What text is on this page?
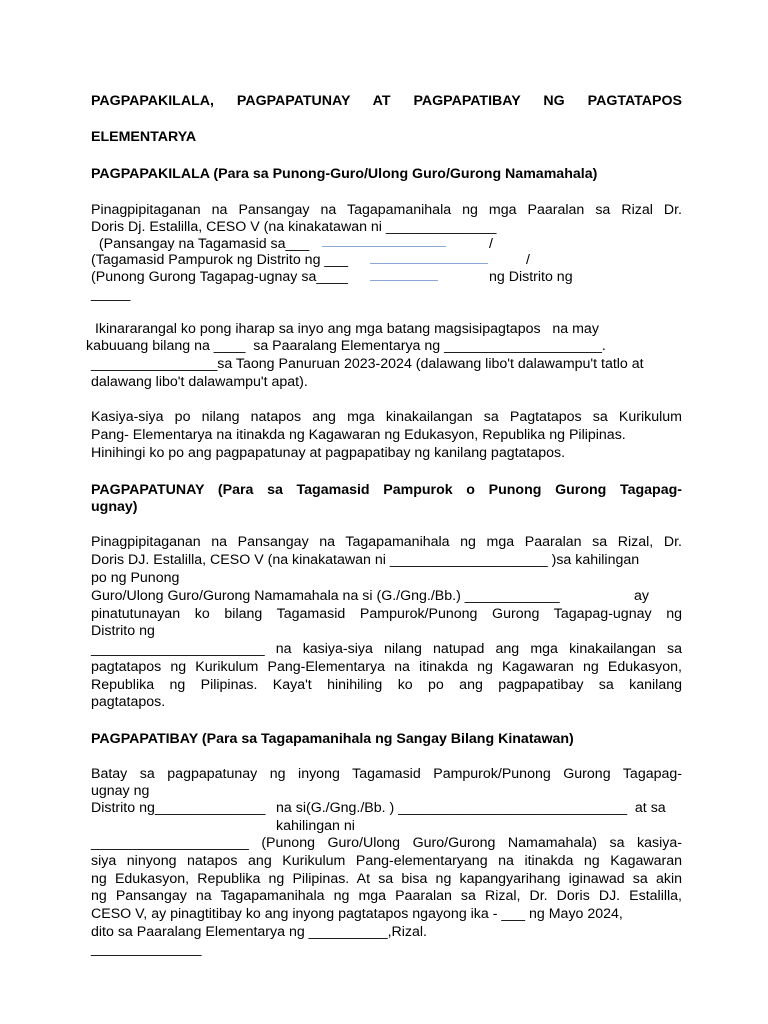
PAGPAPAKILALA, PAGPAPATUNAY AT PAGPAPATIBAY NG PAGTATAPOS
ELEMENTARYA
PAGPAPAKILALA (Para sa Punong-Guro/Ulong Guro/Gurong Namamahala)
Pinagpipitaganan na Pansangay na Tagapamanihala ng mga Paaralan sa Rizal Dr.
Doris Dj. Estalilla, CESO V (na kinakatawan ni ______________
(Pansangay na Tagamasid sa___	/
(Tagamasid Pampurok ng Distrito ng ___	/
(Punong Gurong Tagapag-ugnay sa____	ng Distrito ng
_____
Ikinararangal ko pong iharap sa inyo ang mga batang magsisipagtapos   na may
kabuuang bilang na ____  sa Paaralang Elementarya ng ____________________.
________________sa Taong Panuruan 2023-2024 (dalawang libo't dalawampu't tatlo at
dalawang libo't dalawampu't apat).
Kasiya-siya po nilang natapos ang mga kinakailangan sa Pagtatapos sa Kurikulum
Pang- Elementarya na itinakda ng Kagawaran ng Edukasyon, Republika ng Pilipinas.
Hinihingi ko po ang pagpapatunay at pagpapatibay ng kanilang pagtatapos.
PAGPAPATUNAY (Para sa Tagamasid Pampurok o Punong Gurong Tagapag-
ugnay)
Pinagpipitaganan na Pansangay na Tagapamanihala ng mga Paaralan sa Rizal, Dr.
Doris DJ. Estalilla, CESO V (na kinakatawan ni ____________________ )sa kahilingan
po ng Punong
Guro/Ulong Guro/Gurong Namamahala na si (G./Gng./Bb.) ____________	ay
pinatutunayan ko bilang Tagamasid Pampurok/Punong Gurong Tagapag-ugnay ng
Distrito ng
______________________ na kasiya-siya nilang natupad ang mga kinakailangan sa
pagtatapos ng Kurikulum Pang-Elementarya na itinakda ng Kagawaran ng Edukasyon,
Republika ng Pilipinas. Kaya't hinihiling ko po ang pagpapatibay sa kanilang
pagtatapos.
PAGPAPATIBAY (Para sa Tagapamanihala ng Sangay Bilang Kinatawan)
Batay sa pagpapatunay ng inyong Tagamasid Pampurok/Punong Gurong Tagapag-
ugnay ng
Distrito ng______________ na si(G./Gng./Bb. ) _____________________________  at sa
kahilingan ni
____________________ (Punong Guro/Ulong Guro/Gurong Namamahala) sa kasiya-
siya ninyong natapos ang Kurikulum Pang-elementaryang na itinakda ng Kagawaran
ng Edukasyon, Republika ng Pilipinas. At sa bisa ng kapangyarihang iginawad sa akin
ng Pansangay na Tagapamanihala ng mga Paaralan sa Rizal, Dr. Doris DJ. Estalilla,
CESO V, ay pinagtitibay ko ang inyong pagtatapos ngayong ika - ___ ng Mayo 2024,
dito sa Paaralang Elementarya ng __________,Rizal.
______________
